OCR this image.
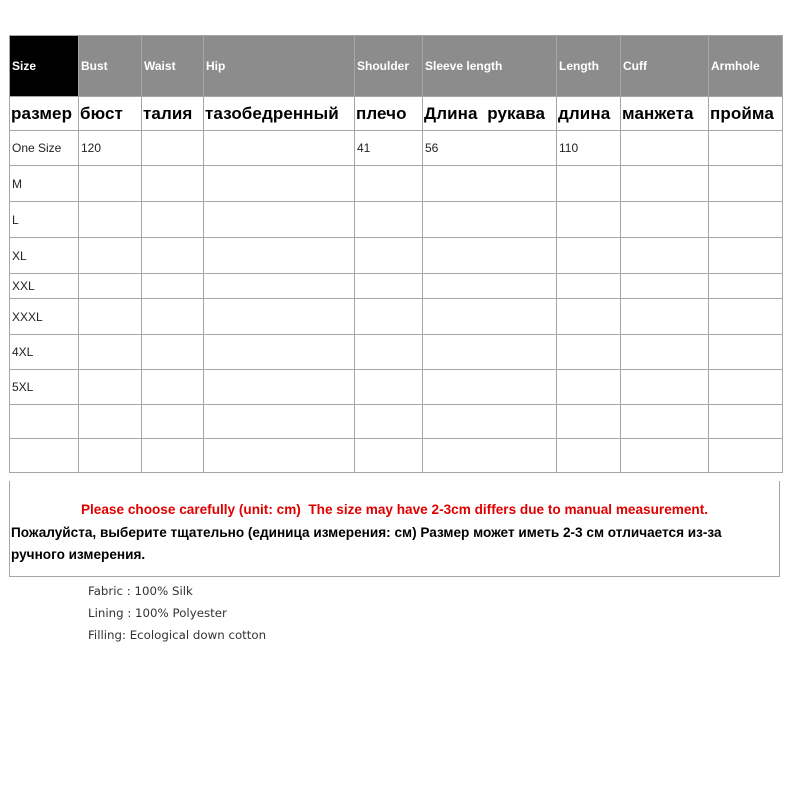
Size	Bust	Waist	Hip	Shoulder	Sleeve length	Length	Cuff	Armhole
размер	бюст	талия	тазобедренный	плечо	Длина  рукава	длина	манжета	пройма
One Size	120			41	56	110		
M								
L								
XL								
XXL								
XXXL								
4XL								
5XL								

Please choose carefully (unit: cm)  The size may have 2-3cm differs due to manual measurement.
Пожалуйста, выберите тщательно (единица измерения: см) Размер может иметь 2-3 см отличается из-за ручного измерения.
Fabric : 100% Silk
Lining : 100% Polyester
Filling: Ecological down cotton
